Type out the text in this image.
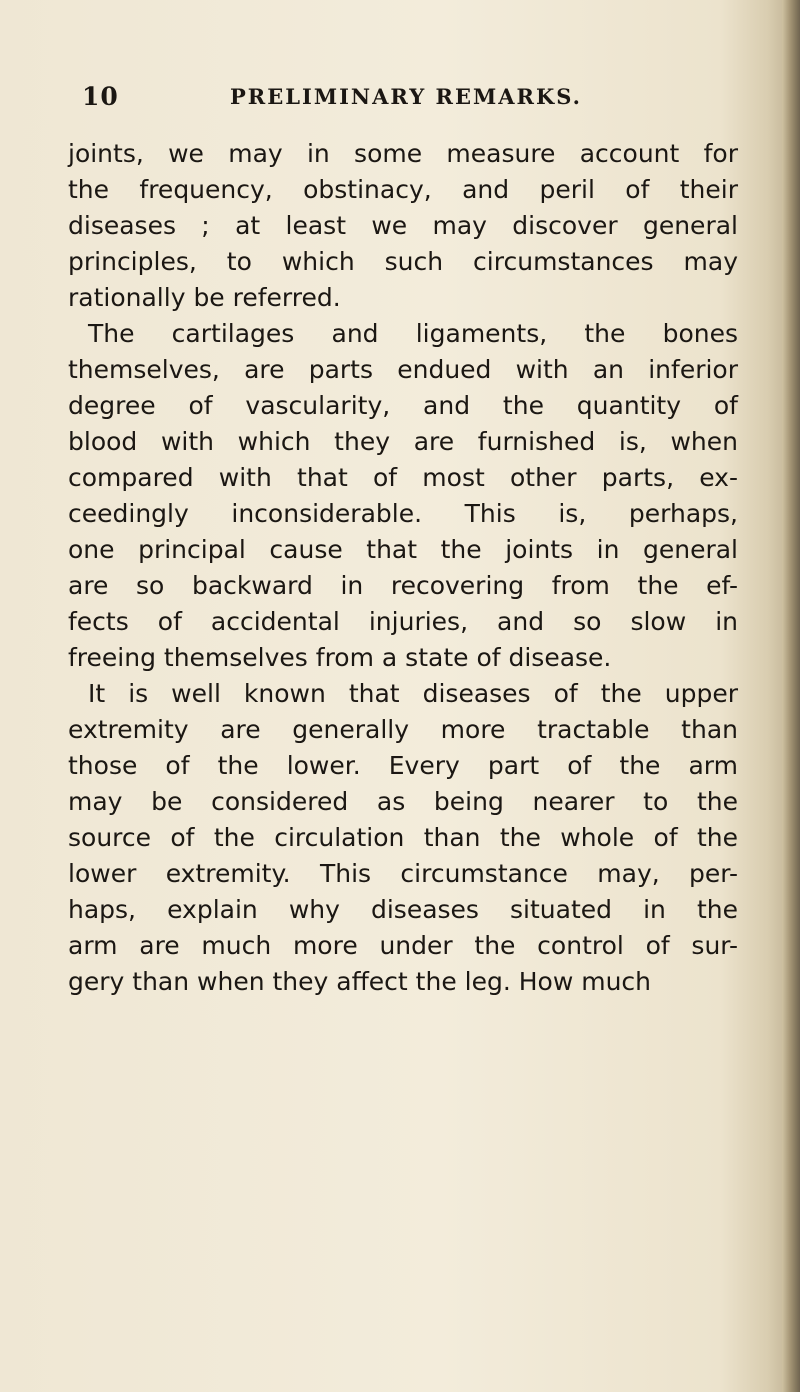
10	PRELIMINARY REMARKS.
joints, we may in some measure account for
the frequency, obstinacy, and peril of their
diseases ; at least we may discover general
principles, to which such circumstances may
rationally be referred.
The cartilages and ligaments, the bones
themselves, are parts endued with an inferior
degree of vascularity, and the quantity of
blood with which they are furnished is, when
compared with that of most other parts, ex-
ceedingly inconsiderable. This is, perhaps,
one principal cause that the joints in general
are so backward in recovering from the ef-
fects of accidental injuries, and so slow in
freeing themselves from a state of disease.
It is well known that diseases of the upper
extremity are generally more tractable than
those of the lower. Every part of the arm
may be considered as being nearer to the
source of the circulation than the whole of the
lower extremity. This circumstance may, per-
haps, explain why diseases situated in the
arm are much more under the control of sur-
gery than when they affect the leg. How much
